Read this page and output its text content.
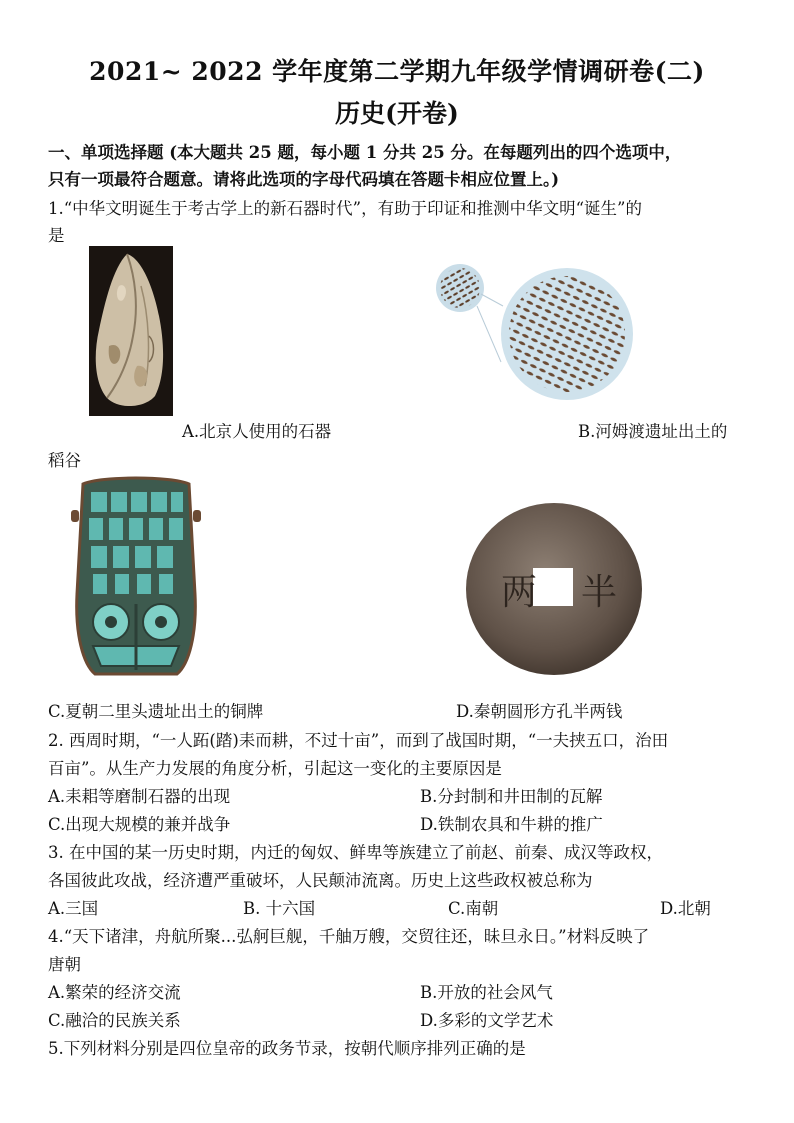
2021~ 2022 学年度第二学期九年级学情调研卷(二)
历史(开卷)
一、单项选择题 (本大题共 25 题，每小题 1 分共 25 分。在每题列出的四个选项中，
只有一项最符合题意。请将此选项的字母代码填在答题卡相应位置上。)
1.“中华文明诞生于考古学上的新石器时代”，有助于印证和推测中华文明“诞生”的
是
A.北京人使用的石器	B.河姆渡遗址出土的
稻谷
两 半
C.夏朝二里头遗址出土的铜牌	D.秦朝圆形方孔半两钱
2. 西周时期，“一人跖(踏)耒而耕，不过十亩”，而到了战国时期，“一夫挟五口，治田
百亩”。从生产力发展的角度分析，引起这一变化的主要原因是
A.耒耜等磨制石器的出现	B.分封制和井田制的瓦解
C.出现大规模的兼并战争	D.铁制农具和牛耕的推广
3. 在中国的某一历史时期，内迁的匈奴、鲜卑等族建立了前赵、前秦、成汉等政权，
各国彼此攻战，经济遭严重破坏，人民颠沛流离。历史上这些政权被总称为
A.三国	B. 十六国	C.南朝	D.北朝
4.“天下诸津，舟航所聚...弘舸巨舰，千舳万艘，交贸往还，昧旦永日。”材料反映了
唐朝
A.繁荣的经济交流	B.开放的社会风气
C.融洽的民族关系	D.多彩的文学艺术
5.下列材料分别是四位皇帝的政务节录，按朝代顺序排列正确的是
